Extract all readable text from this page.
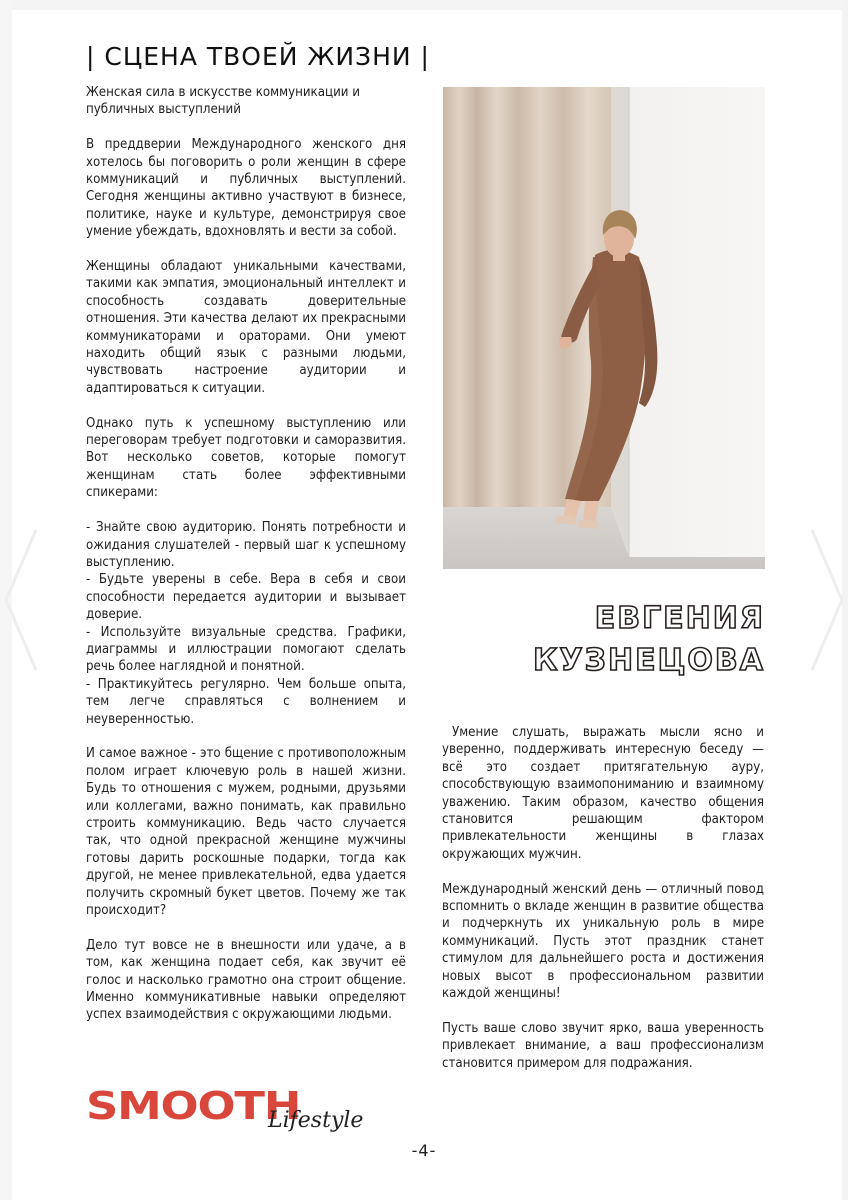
| СЦЕНА ТВОЕЙ ЖИЗНИ |

Женская сила в искусстве коммуникации и публичных выступлений

В преддверии Международного женского дня хотелось бы поговорить о роли женщин в сфере коммуникаций и публичных выступлений. Сегодня женщины активно участвуют в бизнесе, политике, науке и культуре, демонстрируя свое умение убеждать, вдохновлять и вести за собой.

Женщины обладают уникальными качествами, такими как эмпатия, эмоциональный интеллект и способность создавать доверительные отношения. Эти качества делают их прекрасными коммуникаторами и ораторами. Они умеют находить общий язык с разными людьми, чувствовать настроение аудитории и адаптироваться к ситуации.

Однако путь к успешному выступлению или переговорам требует подготовки и саморазвития. Вот несколько советов, которые помогут женщинам стать более эффективными спикерами:

- Знайте свою аудиторию. Понять потребности и ожидания слушателей - первый шаг к успешному выступлению.

- Будьте уверены в себе. Вера в себя и свои способности передается аудитории и вызывает доверие.

- Используйте визуальные средства. Графики, диаграммы и иллюстрации помогают сделать речь более наглядной и понятной.

- Практикуйтесь регулярно. Чем больше опыта, тем легче справляться с волнением и неуверенностью.

И самое важное - это бщение с противоположным полом играет ключевую роль в нашей жизни. Будь то отношения с мужем, родными, друзьями или коллегами, важно понимать, как правильно строить коммуникацию. Ведь часто случается так, что одной прекрасной женщине мужчины готовы дарить роскошные подарки, тогда как другой, не менее привлекательной, едва удается получить скромный букет цветов. Почему же так происходит?

Дело тут вовсе не в внешности или удаче, а в том, как женщина подает себя, как звучит её голос и насколько грамотно она строит общение. Именно коммуникативные навыки определяют успех взаимодействия с окружающими людьми.

ЕВГЕНИЯ
КУЗНЕЦОВА

Умение слушать, выражать мысли ясно и уверенно, поддерживать интересную беседу — всё это создает притягательную ауру, способствующую взаимопониманию и взаимному уважению. Таким образом, качество общения становится решающим фактором привлекательности женщины в глазах окружающих мужчин.

Международный женский день — отличный повод вспомнить о вкладе женщин в развитие общества и подчеркнуть их уникальную роль в мире коммуникаций. Пусть этот праздник станет стимулом для дальнейшего роста и достижения новых высот в профессиональном развитии каждой женщины!

Пусть ваше слово звучит ярко, ваша уверенность привлекает внимание, а ваш профессионализм становится примером для подражания.

SMOOTH
Lifestyle
-4-
